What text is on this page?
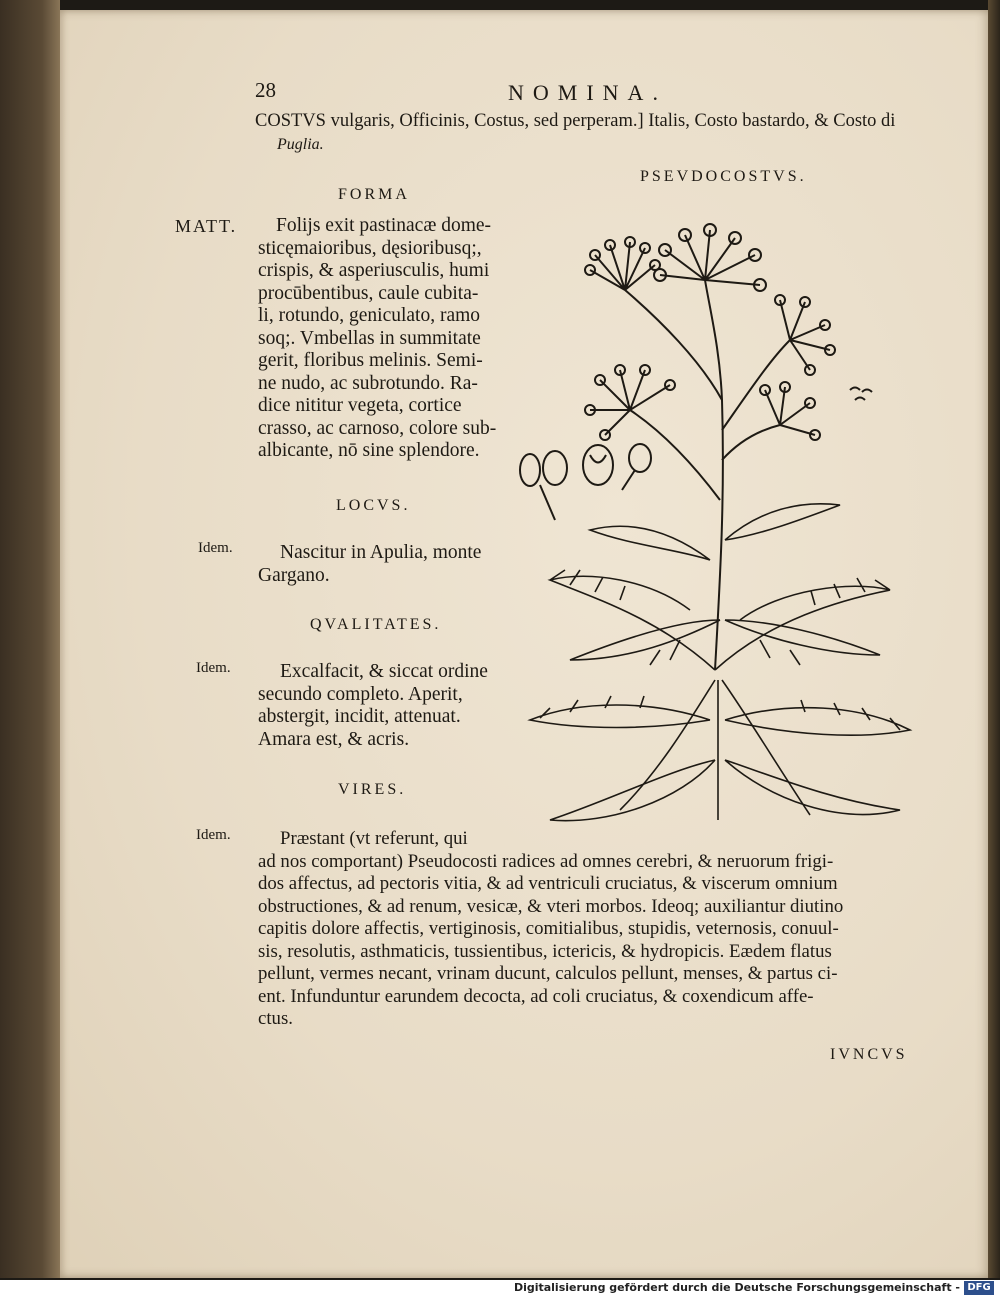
28	NOMINA.
COSTVS vulgaris, Officinis, Costus, sed perperam.] Italis, Costo bastardo, & Costo di
Puglia.
PSEVDOCOSTVS.
FORMA
MATT.	Folijs exit pastinacæ dome-
sticęmaioribus, dęsioribusq;,
crispis, & asperiusculis, humi
procūbentibus, caule cubita-
li, rotundo, geniculato, ramo
soq;. Vmbellas in summitate
gerit, floribus melinis. Semi-
ne nudo, ac subrotundo. Ra-
dice nititur vegeta, cortice
crasso, ac carnoso, colore sub-
albicante, nō sine splendore.
LOCVS.
Idem.	Nascitur in Apulia, monte
Gargano.
QVALITATES.
Idem.	Excalfacit, & siccat ordine
secundo completo. Aperit,
abstergit, incidit, attenuat.
Amara est, & acris.
VIRES.
Idem.	Præstant (vt referunt, qui
ad nos comportant) Pseudocosti radices ad omnes cerebri, & neruorum frigi-
dos affectus, ad pectoris vitia, & ad ventriculi cruciatus, & viscerum omnium
obstructiones, & ad renum, vesicæ, & vteri morbos. Ideoq; auxiliantur diutino
capitis dolore affectis, vertiginosis, comitialibus, stupidis, veternosis, conuul-
sis, resolutis, asthmaticis, tussientibus, ictericis, & hydropicis. Eædem flatus
pellunt, vermes necant, vrinam ducunt, calculos pellunt, menses, & partus ci-
ent. Infunduntur earundem decocta, ad coli cruciatus, & coxendicum affe-
ctus.
IVNCVS
Digitalisierung gefördert durch die Deutsche Forschungsgemeinschaft - DFG
